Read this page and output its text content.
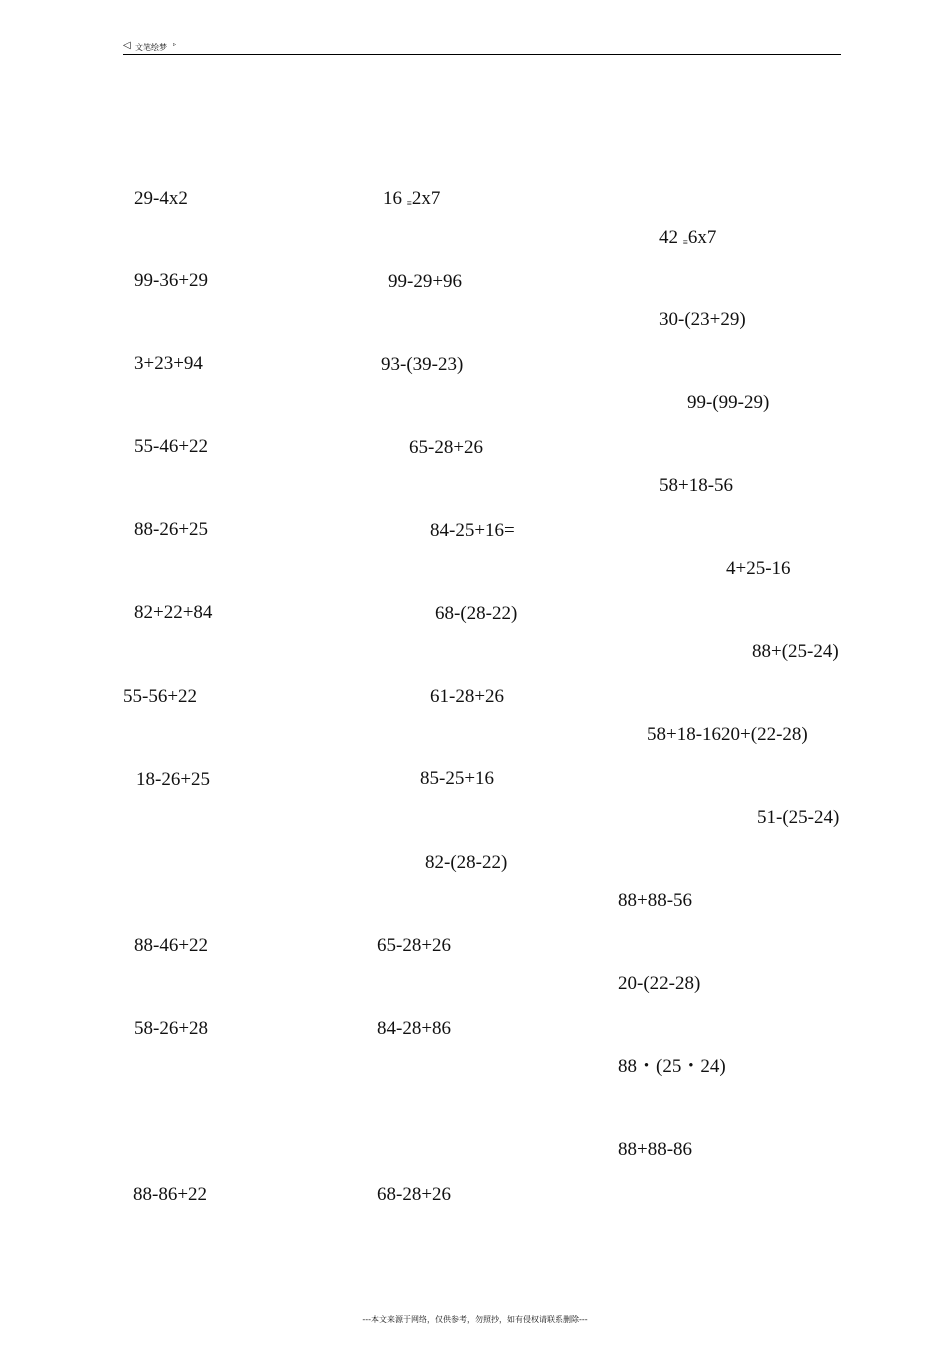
◁ 文笔绘梦 ▹
29-4x2
99-36+29
3+23+94
55-46+22
88-26+25
82+22+84
55-56+22
18-26+25
88-46+22
58-26+28
88-86+22
16 ≡2x7
99-29+96
93-(39-23)
65-28+26
84-25+16=
68-(28-22)
61-28+26
85-25+16
82-(28-22)
65-28+26
84-28+86
68-28+26
42 ≡6x7
30-(23+29)
99-(99-29)
58+18-56
4+25-16
88+(25-24)
58+18-1620+(22-28)
51-(25-24)
88+88-56
20-(22-28)
88・(25・24)
88+88-86
---本文来源于网络，仅供参考，勿照抄，如有侵权请联系删除---
